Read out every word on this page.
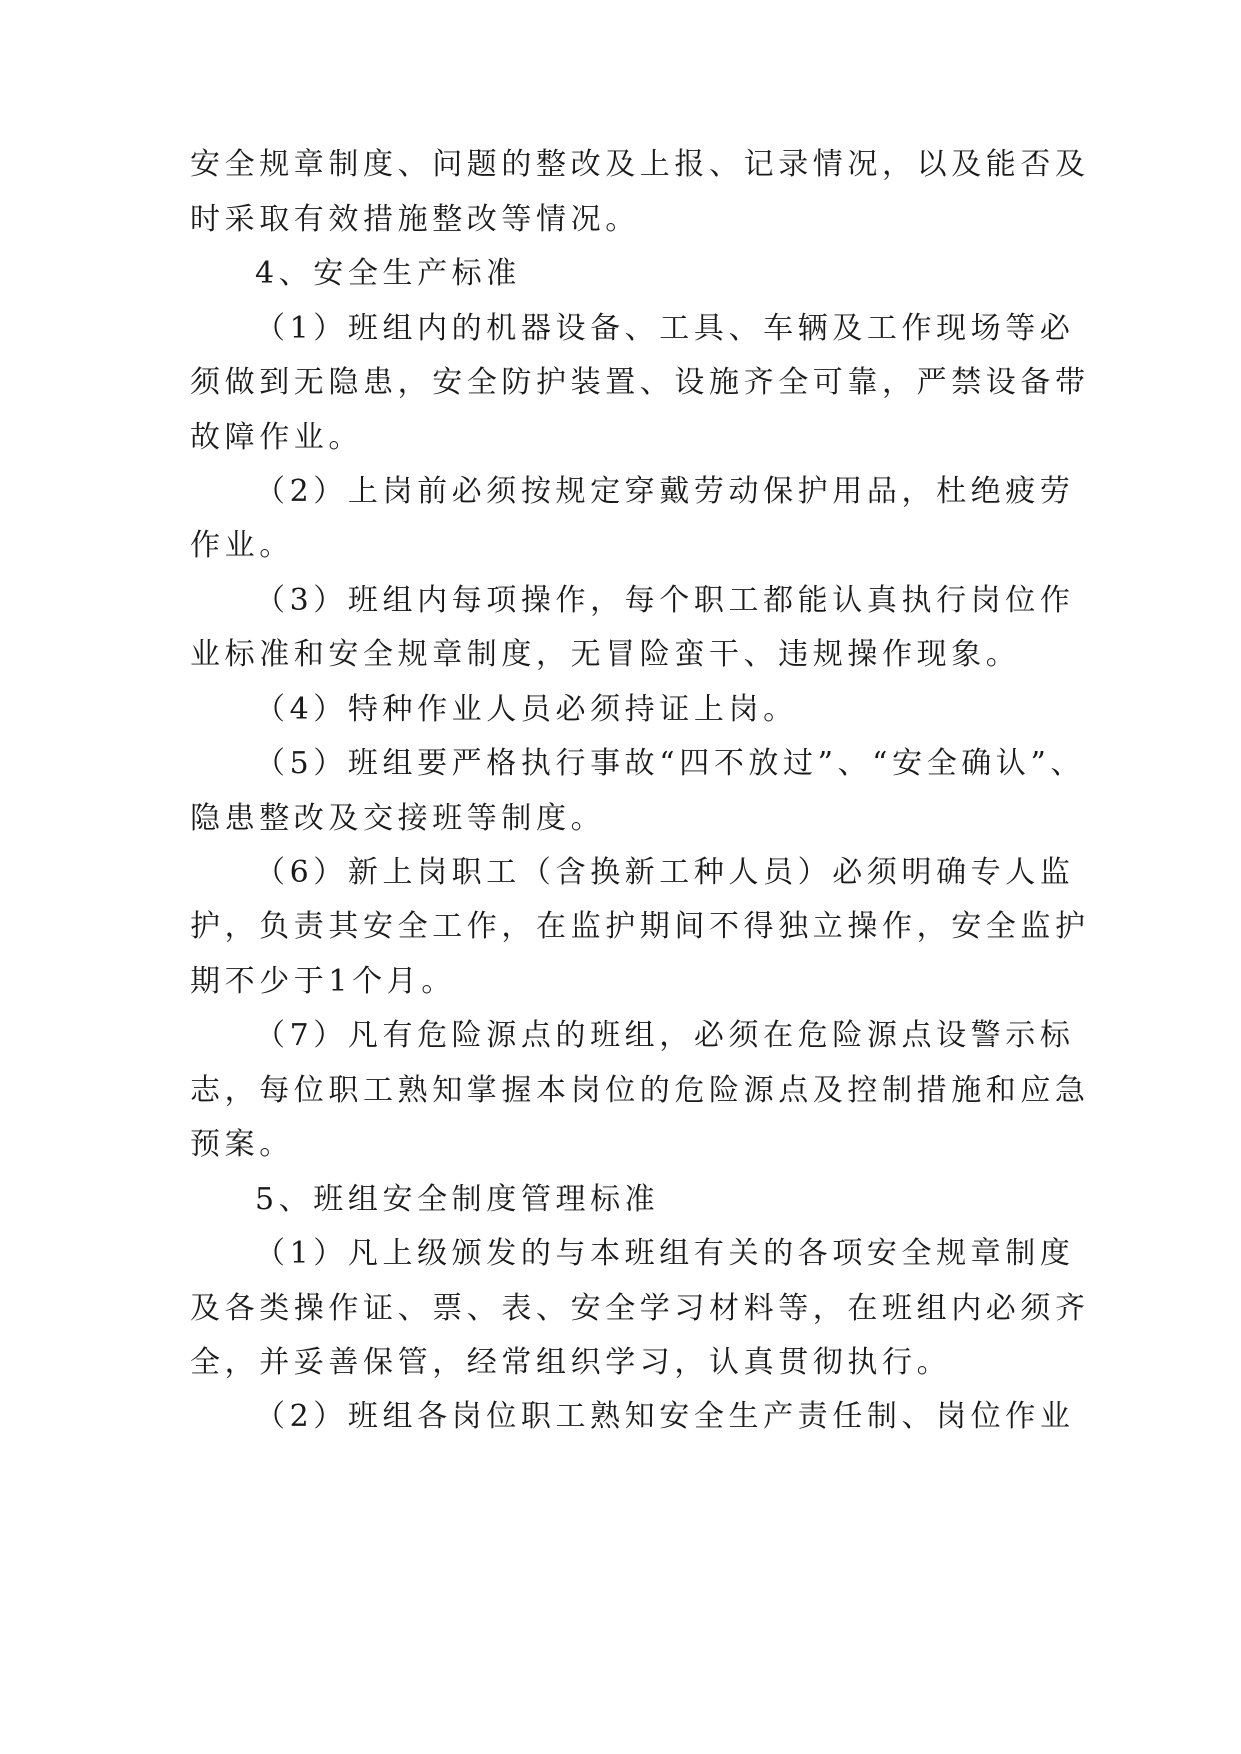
安全规章制度、问题的整改及上报、记录情况，以及能否及
时采取有效措施整改等情况。
4、安全生产标准
（1）班组内的机器设备、工具、车辆及工作现场等必
须做到无隐患，安全防护装置、设施齐全可靠，严禁设备带
故障作业。
（2）上岗前必须按规定穿戴劳动保护用品，杜绝疲劳
作业。
（3）班组内每项操作，每个职工都能认真执行岗位作
业标准和安全规章制度，无冒险蛮干、违规操作现象。
（4）特种作业人员必须持证上岗。
（5）班组要严格执行事故“四不放过”、“安全确认”、
隐患整改及交接班等制度。
（6）新上岗职工（含换新工种人员）必须明确专人监
护，负责其安全工作，在监护期间不得独立操作，安全监护
期不少于1个月。
（7）凡有危险源点的班组，必须在危险源点设警示标
志，每位职工熟知掌握本岗位的危险源点及控制措施和应急
预案。
5、班组安全制度管理标准
（1）凡上级颁发的与本班组有关的各项安全规章制度
及各类操作证、票、表、安全学习材料等，在班组内必须齐
全，并妥善保管，经常组织学习，认真贯彻执行。
（2）班组各岗位职工熟知安全生产责任制、岗位作业
